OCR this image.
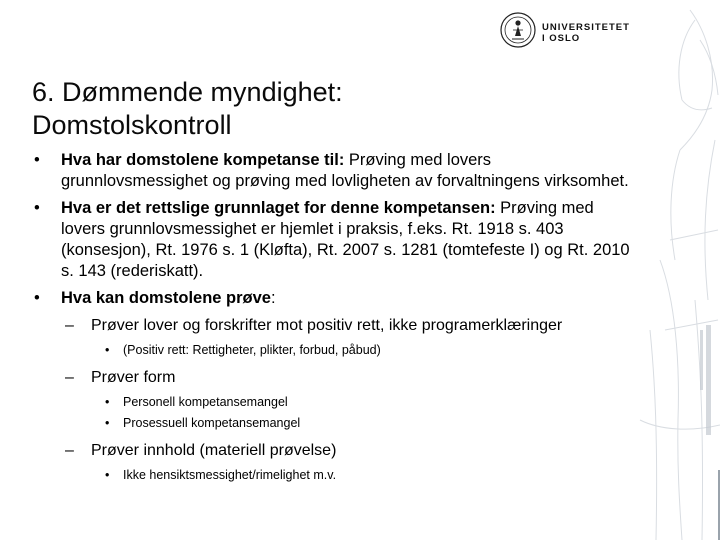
UNIVERSITETET
I OSLO
6. Dømmende myndighet:
Domstolskontroll
• Hva har domstolene kompetanse til: Prøving med lovers grunnlovsmessighet og prøving med lovligheten av forvaltningens virksomhet.
• Hva er det rettslige grunnlaget for denne kompetansen: Prøving med lovers grunnlovsmessighet er hjemlet i praksis, f.eks. Rt. 1918 s. 403 (konsesjon), Rt. 1976 s. 1 (Kløfta), Rt. 2007 s. 1281 (tomtefeste I) og Rt. 2010 s. 143 (rederiskatt).
• Hva kan domstolene prøve:
– Prøver lover og forskrifter mot positiv rett, ikke programerklæringer
• (Positiv rett: Rettigheter, plikter, forbud, påbud)
– Prøver form
• Personell kompetansemangel
• Prosessuell kompetansemangel
– Prøver innhold (materiell prøvelse)
• Ikke hensiktsmessighet/rimelighet m.v.
